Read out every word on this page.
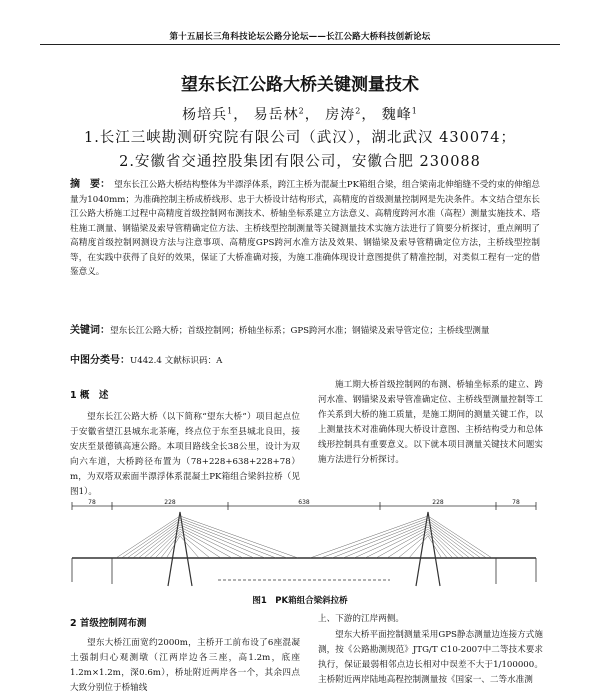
第十五届长三角科技论坛公路分论坛——长江公路大桥科技创新论坛
望东长江公路大桥关键测量技术
杨培兵$^1$， 易岳林$^2$， 房涛$^2$， 魏峰$^1$
1.长江三峡勘测研究院有限公司（武汉），湖北武汉 430074；
2.安徽省交通控股集团有限公司，安徽合肥 230088
摘　要： 望东长江公路大桥结构整体为半漂浮体系，跨江主桥为混凝土PK箱组合梁，组合梁南北伸缩缝不受约束的伸缩总量为1040mm；为准确控制主桥成桥线形、忠于大桥设计结构形式，高精度的首级测量控制网是先决条件。本文结合望东长江公路大桥施工过程中高精度首级控制网布测技术、桥轴坐标系建立方法意义、高精度跨河水准（高程）测量实施技术、塔柱施工测量、钢锚梁及索导管精确定位方法、主桥线型控制测量等关键测量技术实施方法进行了简要分析探讨，重点阐明了高精度首级控制网测设方法与注意事项、高精度GPS跨河水准方法及效果、钢锚梁及索导管精确定位方法，主桥线型控制等，在实践中获得了良好的效果，保证了大桥准确对接，为施工准确体现设计意图提供了精准控制，对类似工程有一定的借鉴意义。
关键词：望东长江公路大桥；首级控制网；桥轴坐标系；GPS跨河水准；钢锚梁及索导管定位；主桥线型测量
中图分类号：U442.4 文献标识码：A
1 概　述
望东长江公路大桥（以下简称“望东大桥”）项目起点位于安徽省望江县城东北茶庵，终点位于东至县城北良田，接安庆至景德镇高速公路。本项目路线全长38公里，设计为双向六车道，大桥跨径布置为（78+228+638+228+78）m，为双塔双索面半漂浮体系混凝土PK箱组合梁斜拉桥（见图1）。
施工期大桥首级控制网的布测、桥轴坐标系的建立、跨河水准、钢锚梁及索导管准确定位、主桥线型测量控制等工作关系到大桥的施工质量，是施工期间的测量关键工作，以上测量技术对准确体现大桥设计意图、主桥结构受力和总体线形控制具有重要意义。以下就本项目测量关键技术问题实施方法进行分析探讨。
78	228	638	228	78
图1　PK箱组合梁斜拉桥
2 首级控制网布测
望东大桥江面宽约2000m，主桥开工前布设了6座混凝土强制归心观测墩（江两岸边各三座，高1.2m，底座1.2m×1.2m，深0.6m），桥址附近两岸各一个，其余四点大致分别位于桥轴线
上、下游的江岸两侧。
望东大桥平面控制测量采用GPS静态测量边连接方式施测，按《公路勘测规范》JTG/T C10-2007中二等技术要求执行，保证最弱相邻点边长相对中误差不大于1/100000。主桥附近两岸陆地高程控制测量按《国家一、二等水准测
